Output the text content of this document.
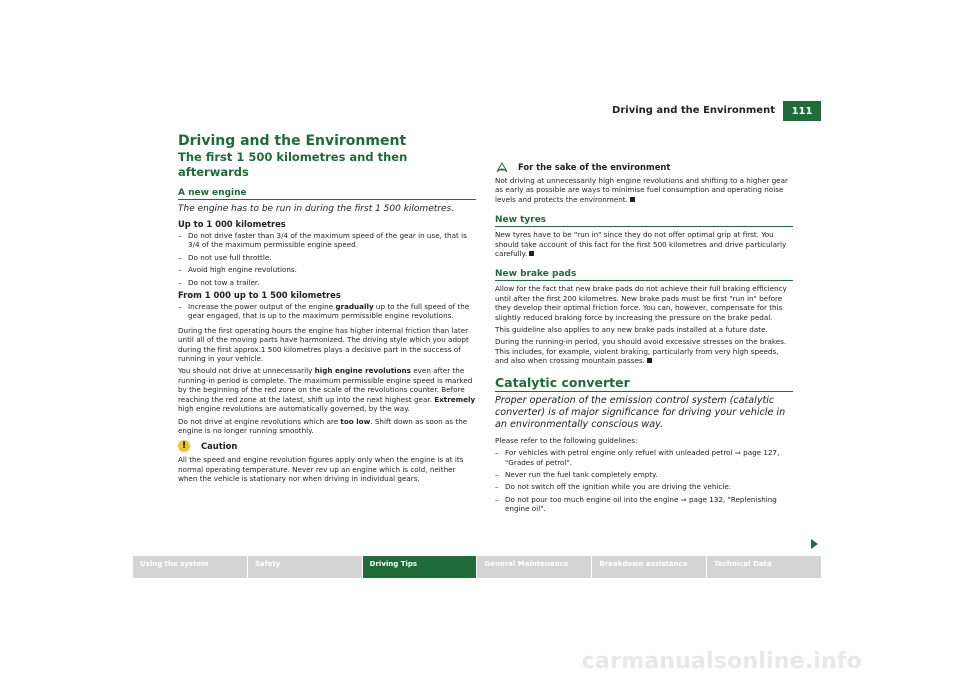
Driving and the Environment	111
Driving and the Environment
The first 1 500 kilometres and then afterwards
A new engine
The engine has to be run in during the first 1 500 kilometres.
Up to 1 000 kilometres
– Do not drive faster than 3/4 of the maximum speed of the gear in use, that is 3/4 of the maximum permissible engine speed.
– Do not use full throttle.
– Avoid high engine revolutions.
– Do not tow a trailer.
From 1 000 up to 1 500 kilometres
– Increase the power output of the engine gradually up to the full speed of the gear engaged, that is up to the maximum permissible engine revolutions.

During the first operating hours the engine has higher internal friction than later until all of the moving parts have harmonized. The driving style which you adopt during the first approx.1 500 kilometres plays a decisive part in the success of running in your vehicle.

You should not drive at unnecessarily high engine revolutions even after the running-in period is complete. The maximum permissible engine speed is marked by the beginning of the red zone on the scale of the revolutions counter. Before reaching the red zone at the latest, shift up into the next highest gear. Extremely high engine revolutions are automatically governed, by the way.

Do not drive at engine revolutions which are too low. Shift down as soon as the engine is no longer running smoothly.

!	Caution

All the speed and engine revolution figures apply only when the engine is at its normal operating temperature. Never rev up an engine which is cold, neither when the vehicle is stationary nor when driving in individual gears.

For the sake of the environment

Not driving at unnecessarily high engine revolutions and shifting to a higher gear as early as possible are ways to minimise fuel consumption and operating noise levels and protects the environment.

New tyres

New tyres have to be "run in" since they do not offer optimal grip at first. You should take account of this fact for the first 500 kilometres and drive particularly carefully.

New brake pads

Allow for the fact that new brake pads do not achieve their full braking efficiency until after the first 200 kilometres. New brake pads must be first "run in" before they develop their optimal friction force. You can, however, compensate for this slightly reduced braking force by increasing the pressure on the brake pedal.

This guideline also applies to any new brake pads installed at a future date.

During the running-in period, you should avoid excessive stresses on the brakes. This includes, for example, violent braking, particularly from very high speeds, and also when crossing mountain passes.

Catalytic converter
Proper operation of the emission control system (catalytic converter) is of major significance for driving your vehicle in an environmentally conscious way.

Please refer to the following guidelines:

– For vehicles with petrol engine only refuel with unleaded petrol ⇒ page 127, "Grades of petrol".
– Never run the fuel tank completely empty.
– Do not switch off the ignition while you are driving the vehicle.
– Do not pour too much engine oil into the engine ⇒ page 132, "Replenishing engine oil".
Using the system	Safety	Driving Tips	General Maintenance	Breakdown assistance	Technical Data
carmanualsonline.info
